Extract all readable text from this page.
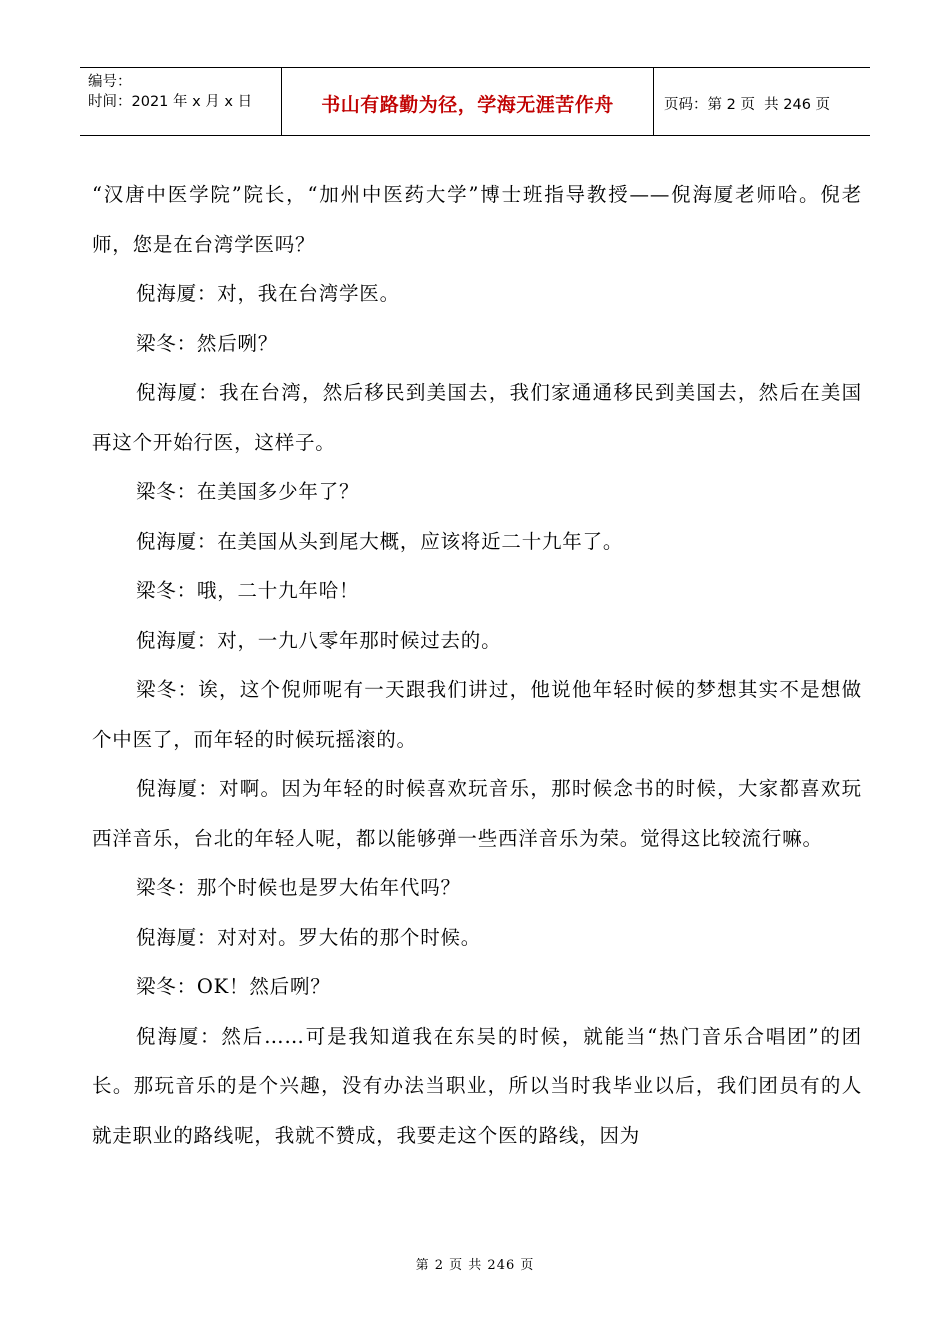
编号：
时间：2021 年 x 月 x 日	书山有路勤为径，学海无涯苦作舟	页码：第 2 页  共 246 页

“汉唐中医学院”院长，“加州中医药大学”博士班指导教授——倪海厦老师哈。倪老师，您是在台湾学医吗？

倪海厦：对，我在台湾学医。

梁冬：然后咧？

倪海厦：我在台湾，然后移民到美国去，我们家通通移民到美国去，然后在美国再这个开始行医，这样子。

梁冬：在美国多少年了？

倪海厦：在美国从头到尾大概，应该将近二十九年了。

梁冬：哦，二十九年哈！

倪海厦：对，一九八零年那时候过去的。

梁冬：诶，这个倪师呢有一天跟我们讲过，他说他年轻时候的梦想其实不是想做个中医了，而年轻的时候玩摇滚的。

倪海厦：对啊。因为年轻的时候喜欢玩音乐，那时候念书的时候，大家都喜欢玩西洋音乐，台北的年轻人呢，都以能够弹一些西洋音乐为荣。觉得这比较流行嘛。

梁冬：那个时候也是罗大佑年代吗？

倪海厦：对对对。罗大佑的那个时候。

梁冬：OK！然后咧？

倪海厦：然后……可是我知道我在东吴的时候，就能当“热门音乐合唱团”的团长。那玩音乐的是个兴趣，没有办法当职业，所以当时我毕业以后，我们团员有的人就走职业的路线呢，我就不赞成，我要走这个医的路线，因为

第 2 页 共 246 页
